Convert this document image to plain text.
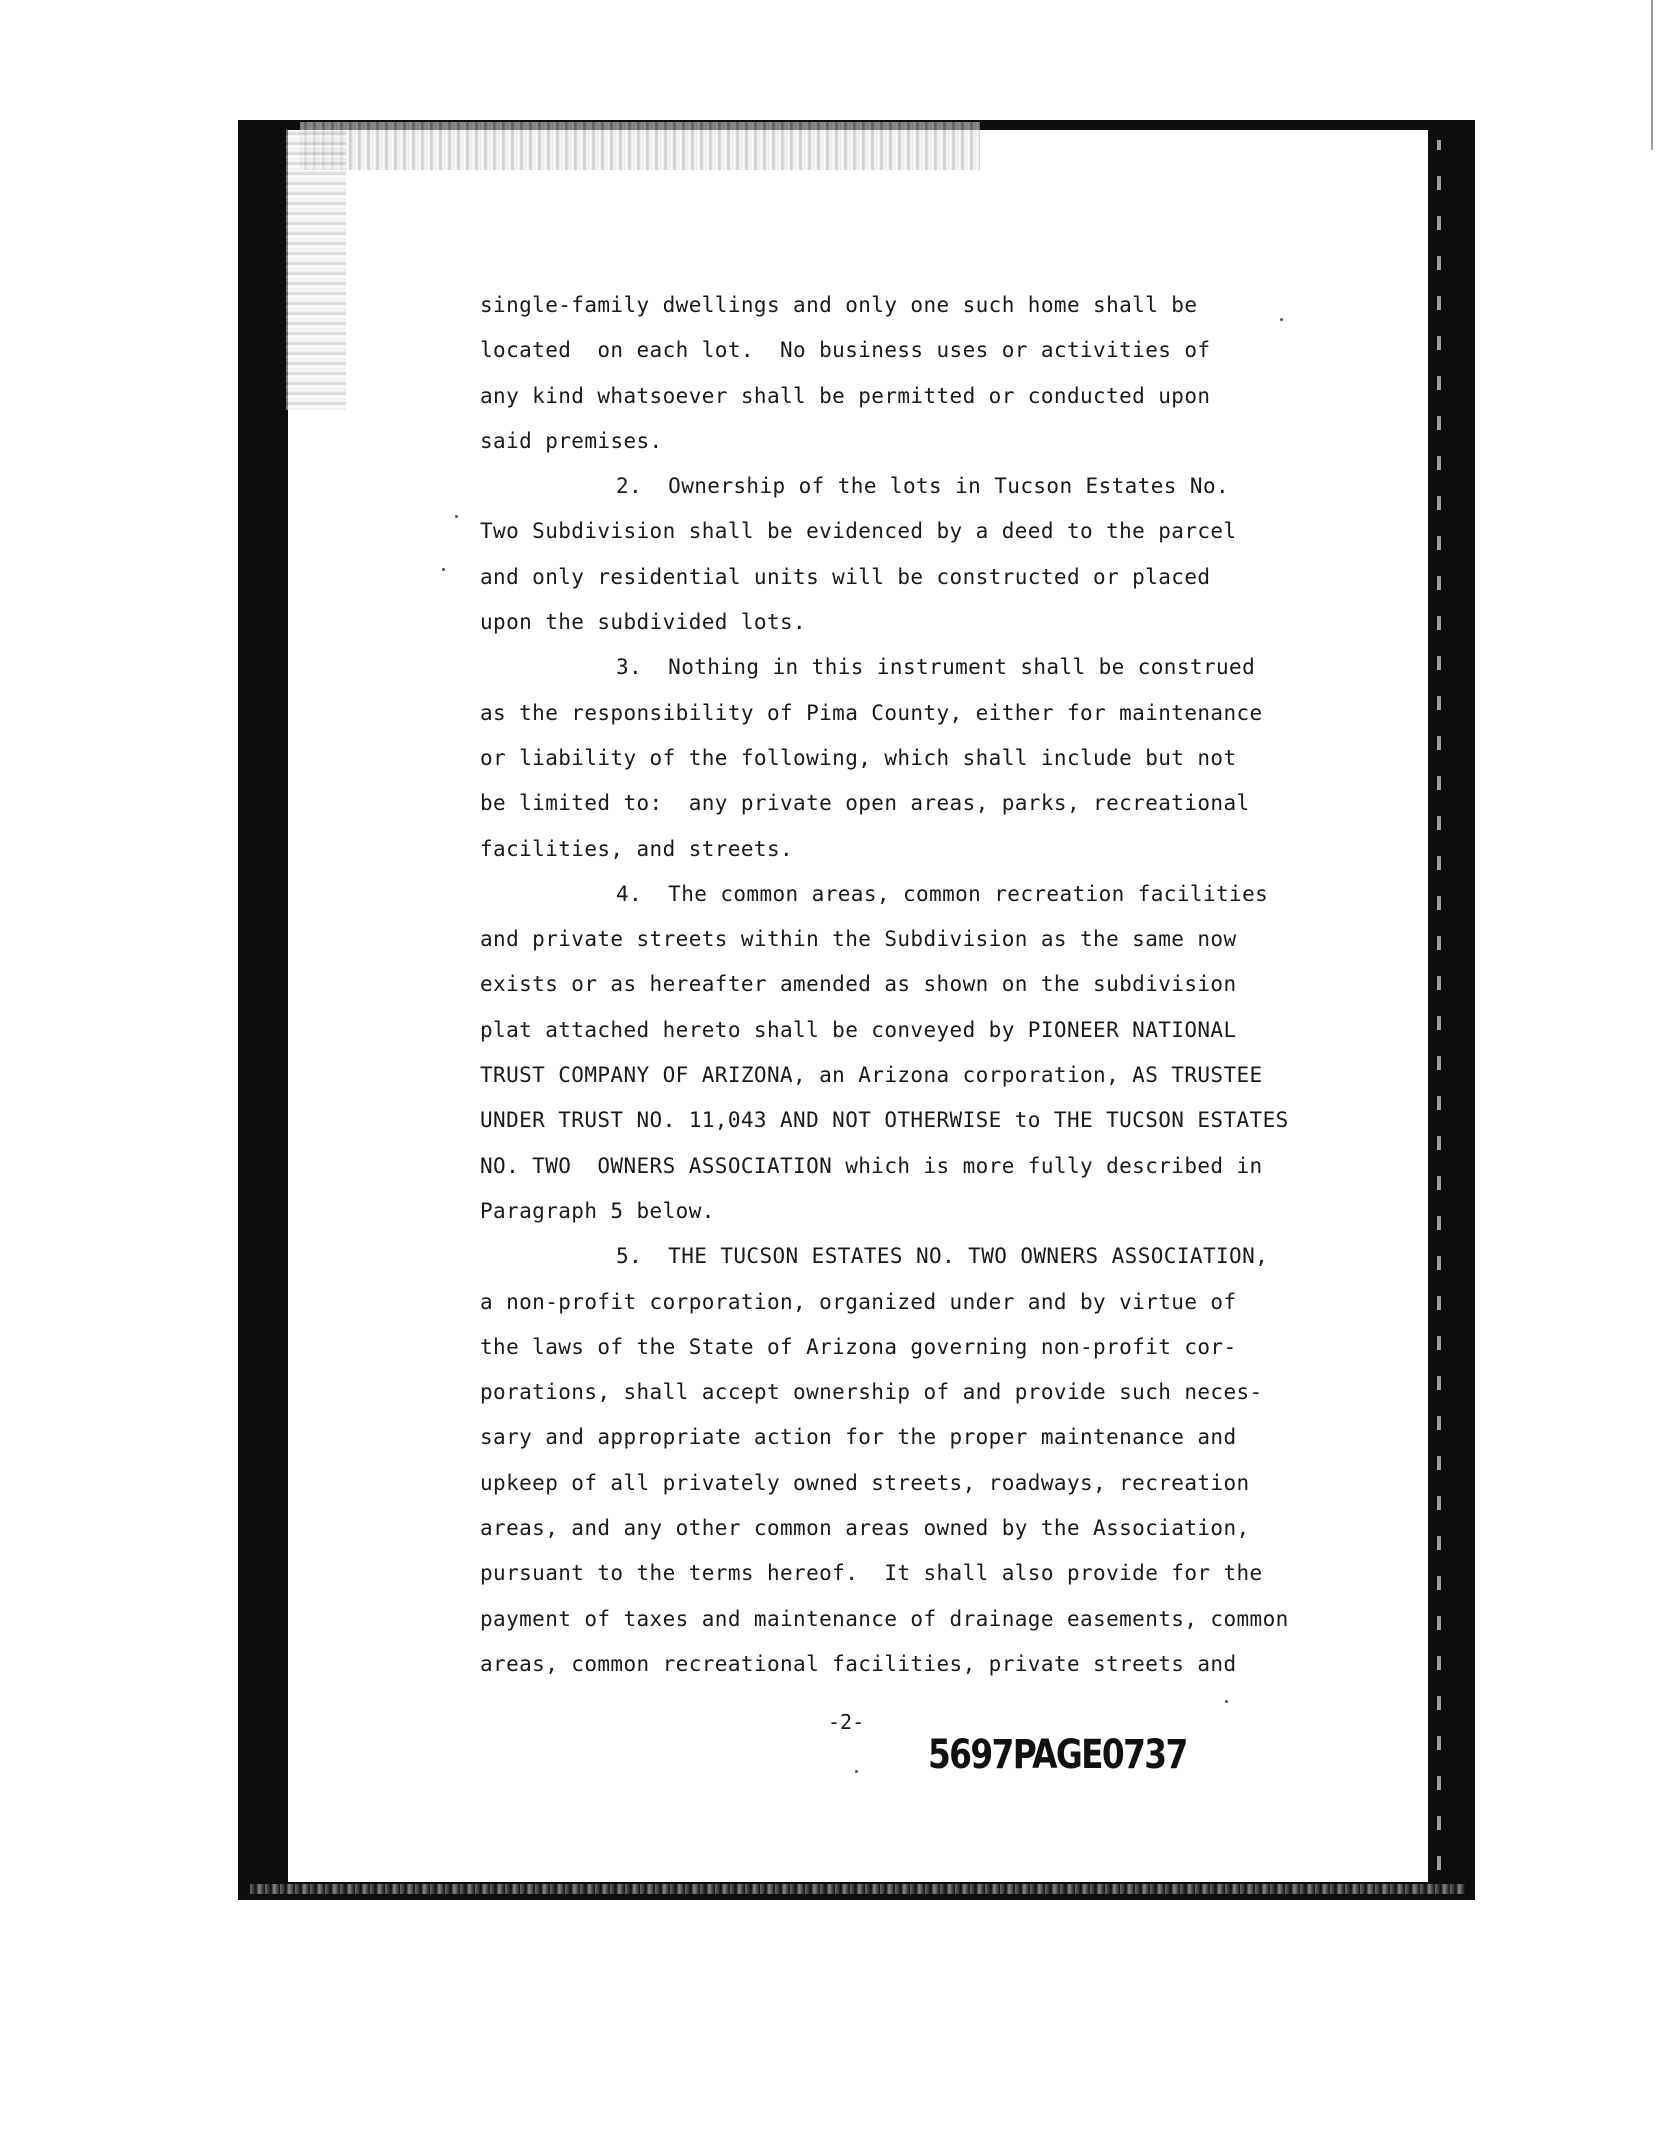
single-family dwellings and only one such home shall be
located  on each lot.  No business uses or activities of
any kind whatsoever shall be permitted or conducted upon
said premises.
2.  Ownership of the lots in Tucson Estates No.
Two Subdivision shall be evidenced by a deed to the parcel
and only residential units will be constructed or placed
upon the subdivided lots.
3.  Nothing in this instrument shall be construed
as the responsibility of Pima County, either for maintenance
or liability of the following, which shall include but not
be limited to:  any private open areas, parks, recreational
facilities, and streets.
4.  The common areas, common recreation facilities
and private streets within the Subdivision as the same now
exists or as hereafter amended as shown on the subdivision
plat attached hereto shall be conveyed by PIONEER NATIONAL
TRUST COMPANY OF ARIZONA, an Arizona corporation, AS TRUSTEE
UNDER TRUST NO. 11,043 AND NOT OTHERWISE to THE TUCSON ESTATES
NO. TWO  OWNERS ASSOCIATION which is more fully described in
Paragraph 5 below.
5.  THE TUCSON ESTATES NO. TWO OWNERS ASSOCIATION,
a non-profit corporation, organized under and by virtue of
the laws of the State of Arizona governing non-profit cor-
porations, shall accept ownership of and provide such neces-
sary and appropriate action for the proper maintenance and
upkeep of all privately owned streets, roadways, recreation
areas, and any other common areas owned by the Association,
pursuant to the terms hereof.  It shall also provide for the
payment of taxes and maintenance of drainage easements, common
areas, common recreational facilities, private streets and
-2-
5697PAGE0737
